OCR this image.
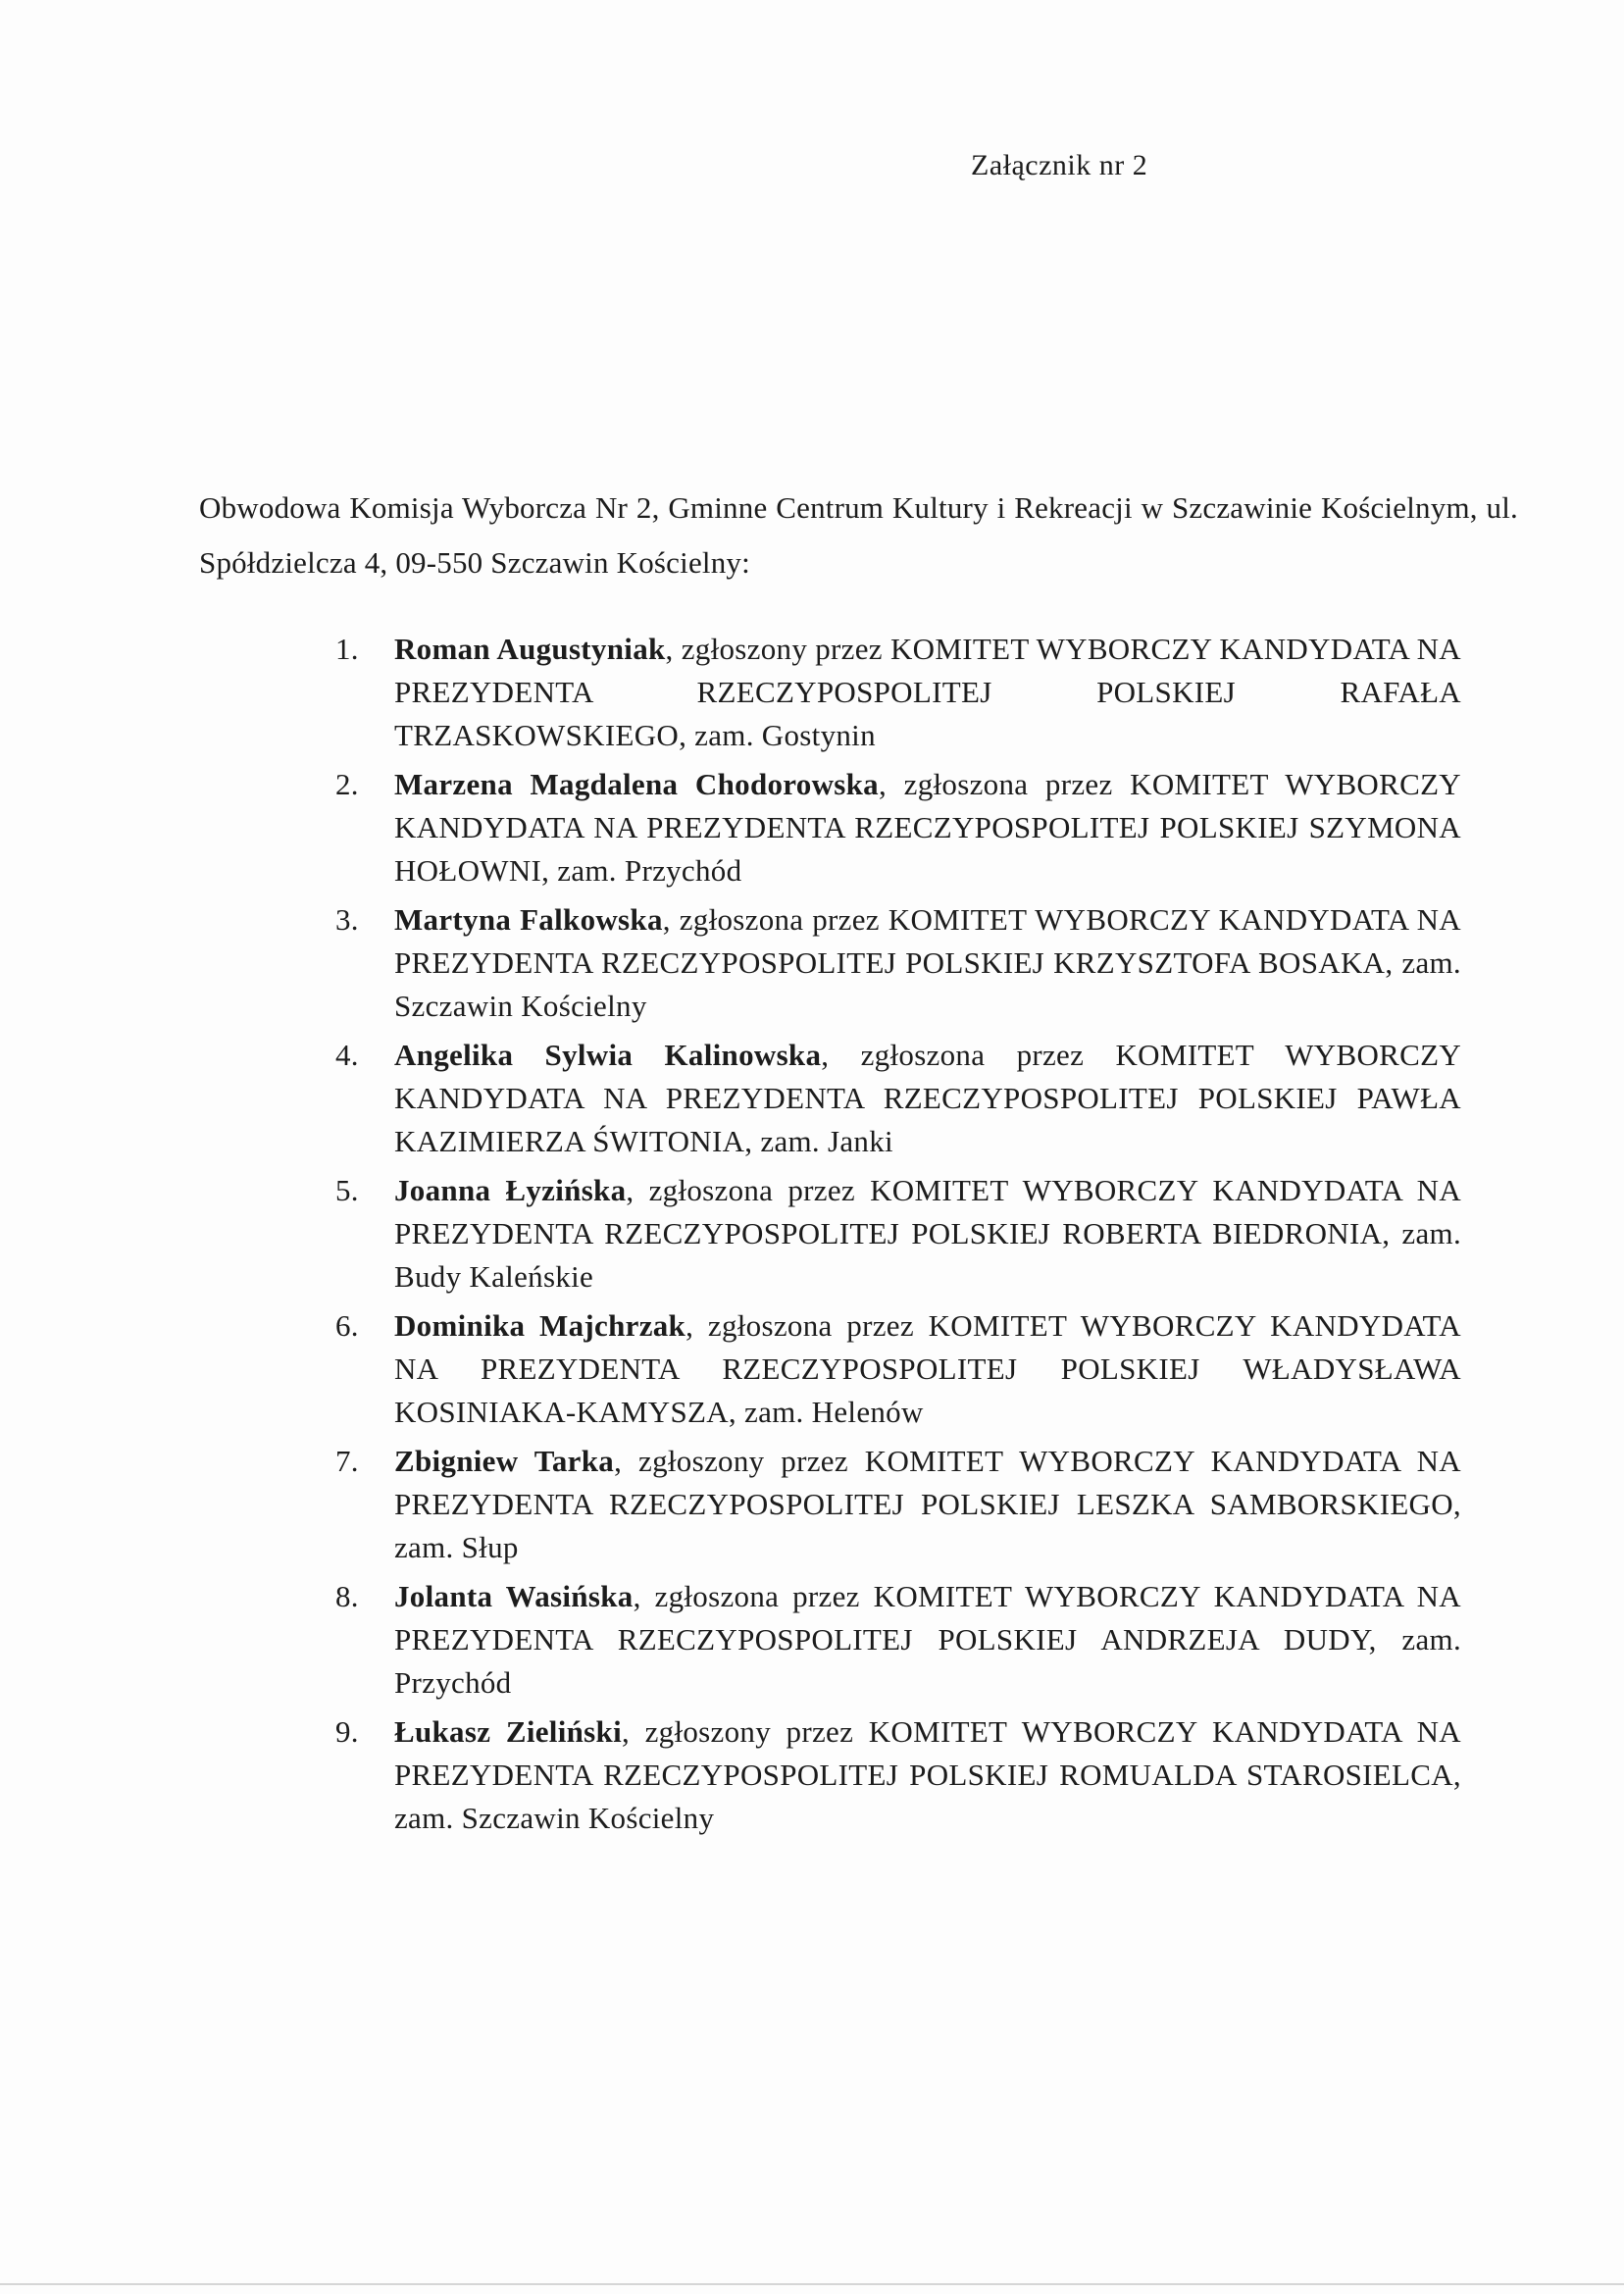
Załącznik nr 2
Obwodowa Komisja Wyborcza Nr 2, Gminne Centrum Kultury i Rekreacji w Szczawinie Kościelnym, ul. Spółdzielcza 4, 09-550 Szczawin Kościelny:
1. Roman Augustyniak, zgłoszony przez KOMITET WYBORCZY KANDYDATA NA PREZYDENTA RZECZYPOSPOLITEJ POLSKIEJ RAFAŁA TRZASKOWSKIEGO, zam. Gostynin
2. Marzena Magdalena Chodorowska, zgłoszona przez KOMITET WYBORCZY KANDYDATA NA PREZYDENTA RZECZYPOSPOLITEJ POLSKIEJ SZYMONA HOŁOWNI, zam. Przychód
3. Martyna Falkowska, zgłoszona przez KOMITET WYBORCZY KANDYDATA NA PREZYDENTA RZECZYPOSPOLITEJ POLSKIEJ KRZYSZTOFA BOSAKA, zam. Szczawin Kościelny
4. Angelika Sylwia Kalinowska, zgłoszona przez KOMITET WYBORCZY KANDYDATA NA PREZYDENTA RZECZYPOSPOLITEJ POLSKIEJ PAWŁA KAZIMIERZA ŚWITONIA, zam. Janki
5. Joanna Łyzińska, zgłoszona przez KOMITET WYBORCZY KANDYDATA NA PREZYDENTA RZECZYPOSPOLITEJ POLSKIEJ ROBERTA BIEDRONIA, zam. Budy Kaleńskie
6. Dominika Majchrzak, zgłoszona przez KOMITET WYBORCZY KANDYDATA NA PREZYDENTA RZECZYPOSPOLITEJ POLSKIEJ WŁADYSŁAWA KOSINIAKA-KAMYSZA, zam. Helenów
7. Zbigniew Tarka, zgłoszony przez KOMITET WYBORCZY KANDYDATA NA PREZYDENTA RZECZYPOSPOLITEJ POLSKIEJ LESZKA SAMBORSKIEGO, zam. Słup
8. Jolanta Wasińska, zgłoszona przez KOMITET WYBORCZY KANDYDATA NA PREZYDENTA RZECZYPOSPOLITEJ POLSKIEJ ANDRZEJA DUDY, zam. Przychód
9. Łukasz Zieliński, zgłoszony przez KOMITET WYBORCZY KANDYDATA NA PREZYDENTA RZECZYPOSPOLITEJ POLSKIEJ ROMUALDA STAROSIELCA, zam. Szczawin Kościelny
